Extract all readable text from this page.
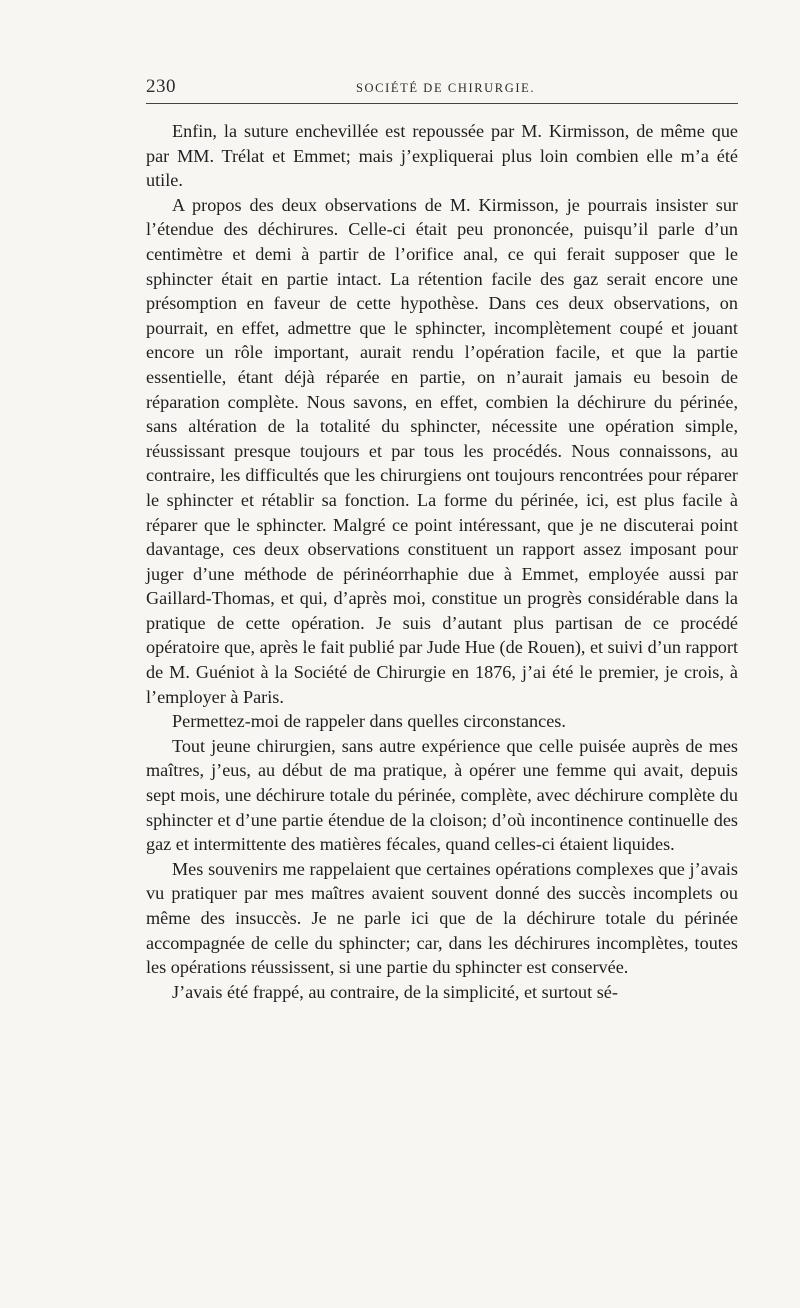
230	SOCIÉTÉ DE CHIRURGIE.

Enfin, la suture enchevillée est repoussée par M. Kirmisson, de même que par MM. Trélat et Emmet; mais j’expliquerai plus loin combien elle m’a été utile.

A propos des deux observations de M. Kirmisson, je pourrais insister sur l’étendue des déchirures. Celle-ci était peu prononcée, puisqu’il parle d’un centimètre et demi à partir de l’orifice anal, ce qui ferait supposer que le sphincter était en partie intact. La rétention facile des gaz serait encore une présomption en faveur de cette hypothèse. Dans ces deux observations, on pourrait, en effet, admettre que le sphincter, incomplètement coupé et jouant encore un rôle important, aurait rendu l’opération facile, et que la partie essentielle, étant déjà réparée en partie, on n’aurait jamais eu besoin de réparation complète. Nous savons, en effet, combien la déchirure du périnée, sans altération de la totalité du sphincter, nécessite une opération simple, réussissant presque toujours et par tous les procédés. Nous connaissons, au contraire, les difficultés que les chirurgiens ont toujours rencontrées pour réparer le sphincter et rétablir sa fonction. La forme du périnée, ici, est plus facile à réparer que le sphincter. Malgré ce point intéressant, que je ne discuterai point davantage, ces deux observations constituent un rapport assez imposant pour juger d’une méthode de périnéorrhaphie due à Emmet, employée aussi par Gaillard-Thomas, et qui, d’après moi, constitue un progrès considérable dans la pratique de cette opération. Je suis d’autant plus partisan de ce procédé opératoire que, après le fait publié par Jude Hue (de Rouen), et suivi d’un rapport de M. Guéniot à la Société de Chirurgie en 1876, j’ai été le premier, je crois, à l’employer à Paris.

Permettez-moi de rappeler dans quelles circonstances.

Tout jeune chirurgien, sans autre expérience que celle puisée auprès de mes maîtres, j’eus, au début de ma pratique, à opérer une femme qui avait, depuis sept mois, une déchirure totale du périnée, complète, avec déchirure complète du sphincter et d’une partie étendue de la cloison; d’où incontinence continuelle des gaz et intermittente des matières fécales, quand celles-ci étaient liquides.

Mes souvenirs me rappelaient que certaines opérations complexes que j’avais vu pratiquer par mes maîtres avaient souvent donné des succès incomplets ou même des insuccès. Je ne parle ici que de la déchirure totale du périnée accompagnée de celle du sphincter; car, dans les déchirures incomplètes, toutes les opérations réussissent, si une partie du sphincter est conservée.

J’avais été frappé, au contraire, de la simplicité, et surtout sé-
